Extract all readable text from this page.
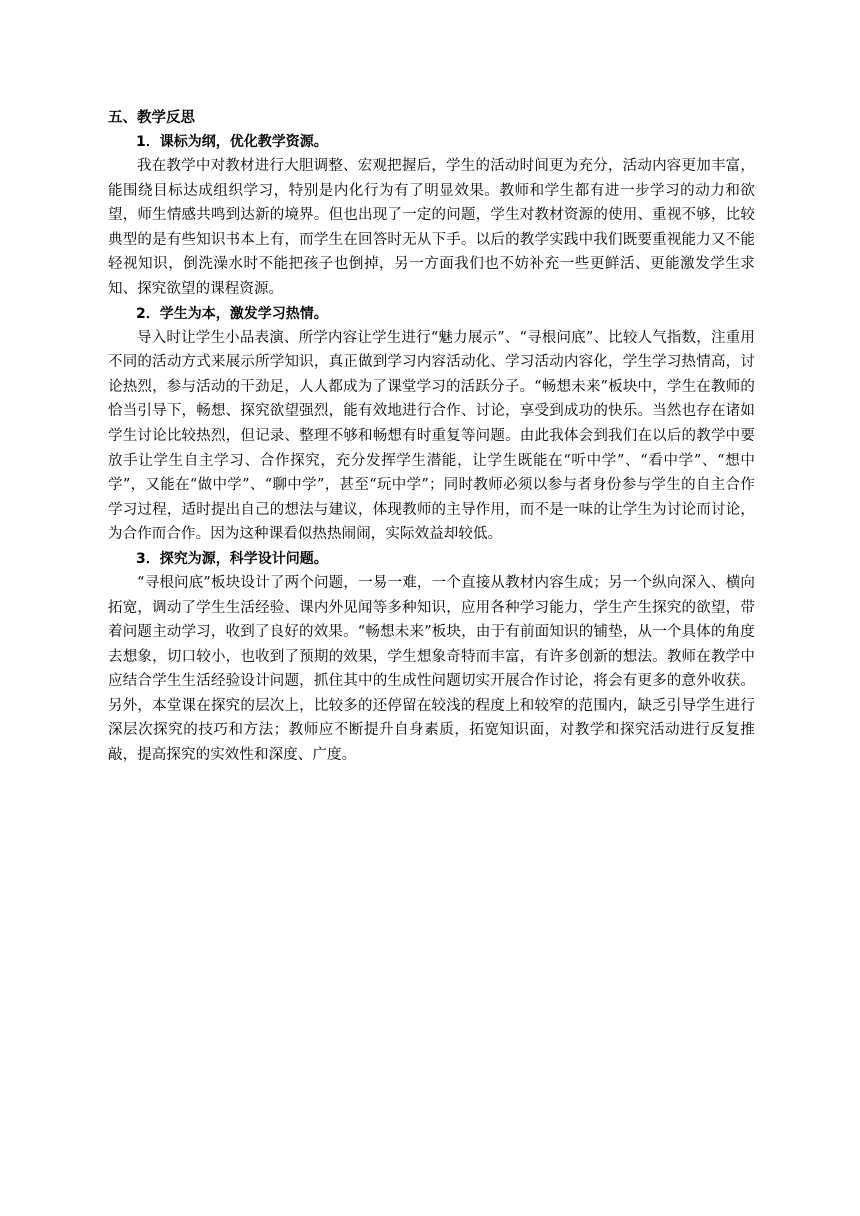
五、教学反思
1．课标为纲，优化教学资源。

我在教学中对教材进行大胆调整、宏观把握后，学生的活动时间更为充分，活动内容更加丰富，能围绕目标达成组织学习，特别是内化行为有了明显效果。教师和学生都有进一步学习的动力和欲望，师生情感共鸣到达新的境界。但也出现了一定的问题，学生对教材资源的使用、重视不够，比较典型的是有些知识书本上有，而学生在回答时无从下手。以后的教学实践中我们既要重视能力又不能轻视知识，倒洗澡水时不能把孩子也倒掉，另一方面我们也不妨补充一些更鲜活、更能激发学生求知、探究欲望的课程资源。

2．学生为本，激发学习热情。

导入时让学生小品表演、所学内容让学生进行“魅力展示”、“寻根问底”、比较人气指数，注重用不同的活动方式来展示所学知识，真正做到学习内容活动化、学习活动内容化，学生学习热情高，讨论热烈，参与活动的干劲足，人人都成为了课堂学习的活跃分子。“畅想未来”板块中，学生在教师的恰当引导下，畅想、探究欲望强烈，能有效地进行合作、讨论，享受到成功的快乐。当然也存在诸如学生讨论比较热烈，但记录、整理不够和畅想有时重复等问题。由此我体会到我们在以后的教学中要放手让学生自主学习、合作探究，充分发挥学生潜能，让学生既能在“听中学”、“看中学”、“想中学”，又能在“做中学”、“聊中学”，甚至“玩中学”；同时教师必须以参与者身份参与学生的自主合作学习过程，适时提出自己的想法与建议，体现教师的主导作用，而不是一味的让学生为讨论而讨论，为合作而合作。因为这种课看似热热闹闹，实际效益却较低。

3．探究为源，科学设计问题。

“寻根问底”板块设计了两个问题，一易一难，一个直接从教材内容生成；另一个纵向深入、横向拓宽，调动了学生生活经验、课内外见闻等多种知识，应用各种学习能力，学生产生探究的欲望，带着问题主动学习，收到了良好的效果。“畅想未来”板块，由于有前面知识的铺垫，从一个具体的角度去想象，切口较小，也收到了预期的效果，学生想象奇特而丰富，有许多创新的想法。教师在教学中应结合学生生活经验设计问题，抓住其中的生成性问题切实开展合作讨论，将会有更多的意外收获。另外，本堂课在探究的层次上，比较多的还停留在较浅的程度上和较窄的范围内，缺乏引导学生进行深层次探究的技巧和方法；教师应不断提升自身素质，拓宽知识面，对教学和探究活动进行反复推敲，提高探究的实效性和深度、广度。
